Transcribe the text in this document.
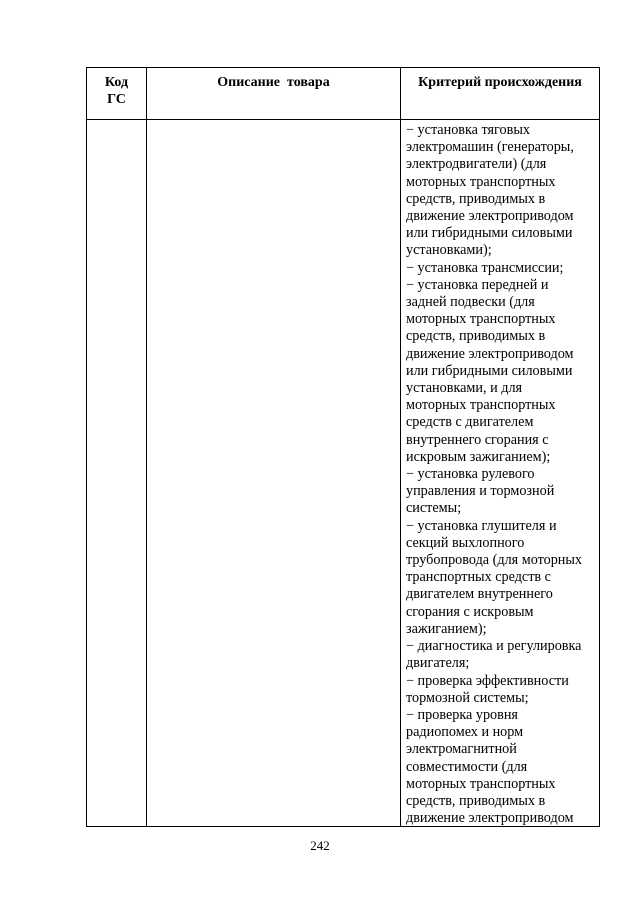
Код
ГС
Описание  товара	Критерий происхождения
− установка тяговых
электромашин (генераторы,
электродвигатели) (для
моторных транспортных
средств, приводимых в
движение электроприводом
или гибридными силовыми
установками);
− установка трансмиссии;
− установка передней и
задней подвески (для
моторных транспортных
средств, приводимых в
движение электроприводом
или гибридными силовыми
установками, и для
моторных транспортных
средств с двигателем
внутреннего сгорания с
искровым зажиганием);
− установка рулевого
управления и тормозной
системы;
− установка глушителя и
секций выхлопного
трубопровода (для моторных
транспортных средств с
двигателем внутреннего
сгорания с искровым
зажиганием);
− диагностика и регулировка
двигателя;
− проверка эффективности
тормозной системы;
− проверка уровня
радиопомех и норм
электромагнитной
совместимости (для
моторных транспортных
средств, приводимых в
движение электроприводом
242
